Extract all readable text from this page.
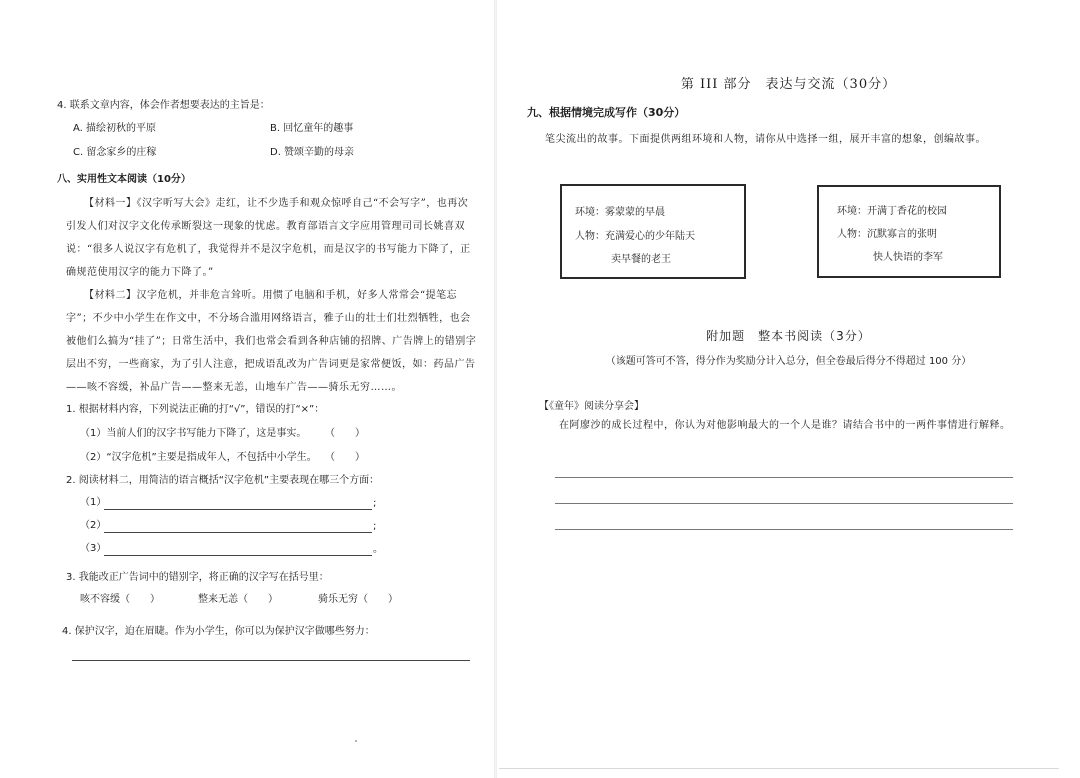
4. 联系文章内容，体会作者想要表达的主旨是：
A. 描绘初秋的平原	B. 回忆童年的趣事
C. 留念家乡的庄稼	D. 赞颂辛勤的母亲
八、实用性文本阅读（10分）
【材料一】《汉字听写大会》走红，让不少选手和观众惊呼自己“不会写字”，也再次引发人们对汉字文化传承断裂这一现象的忧虑。教育部语言文字应用管理司司长姚喜双说：“很多人说汉字有危机了，我觉得并不是汉字危机，而是汉字的书写能力下降了，正确规范使用汉字的能力下降了。”
【材料二】汉字危机，并非危言耸听。用惯了电脑和手机，好多人常常会“提笔忘字”；不少中小学生在作文中，不分场合滥用网络语言，雅子山的壮士们壮烈牺牲，也会被他们么搞为“挂了”；日常生活中，我们也常会看到各种店铺的招牌、广告牌上的错别字层出不穷，一些商家，为了引人注意，把成语乱改为广告词更是家常便饭，如：药品广告——咳不容缓，补品广告——整来无恙，山地车广告——骑乐无穷……。
1. 根据材料内容，下列说法正确的打“√”，错误的打“×”：
（1）当前人们的汉字书写能力下降了，这是事实。 （　　）
（2）“汉字危机”主要是指成年人，不包括中小学生。 （　　）
2. 阅读材料二，用简洁的语言概括“汉字危机”主要表现在哪三个方面：
（1）	;
（2）	;
（3）	。
3. 我能改正广告词中的错别字，将正确的汉字写在括号里：
咳不容缓（　　）	整来无恙（　　）	骑乐无穷（　　）
4. 保护汉字，迫在眉睫。作为小学生，你可以为保护汉字做哪些努力：
第 III 部分　表达与交流（30分）
九、根据情境完成写作（30分）
笔尖流出的故事。下面提供两组环境和人物，请你从中选择一组，展开丰富的想象，创编故事。
环境：雾蒙蒙的早晨
人物：充满爱心的少年陆天
卖早餐的老王
环境：开满丁香花的校园
人物：沉默寡言的张明
快人快语的李军
附加题　整本书阅读（3分）
（该题可答可不答，得分作为奖励分计入总分，但全卷最后得分不得超过 100 分）
【《童年》阅读分享会】
在阿廖沙的成长过程中，你认为对他影响最大的一个人是谁？请结合书中的一两件事情进行解释。
